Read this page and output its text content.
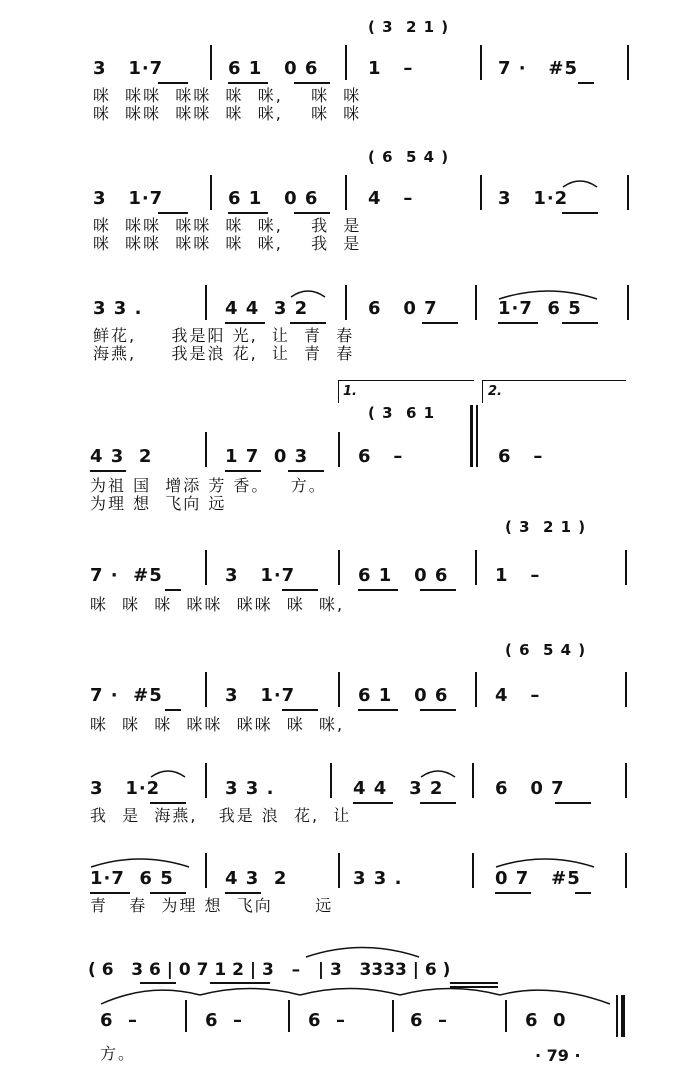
( 3  2 1 )
3   1·7	6 1   0 6	1   –	7 ·   #5
咪  咪咪  咪咪  咪  咪,    咪  咪
咪  咪咪  咪咪  咪  咪,    咪  咪
( 6  5 4 )
3   1·7	6 1   0 6	4   –	3   1·2
咪  咪咪  咪咪  咪  咪,    我  是
咪  咪咪  咪咪  咪  咪,    我  是
3 3 .	4 4  3 2	6   0 7	1·7  6 5
鲜花,     我是阳 光,  让  青  春
海燕,     我是浪 花,  让  青  春
1.	2.
( 3  6 1
4 3  2	1 7  0 3	6   –	6   –
为祖 国  增添 芳 香。   方。
为理 想  飞向 远
( 3  2 1 )
7 ·  #5	3   1·7	6 1   0 6	1   –
咪  咪  咪  咪咪  咪咪  咪  咪,
( 6  5 4 )
7 ·  #5	3   1·7	6 1   0 6	4   –
咪  咪  咪  咪咪  咪咪  咪  咪,
3   1·2	3 3 .	4 4   3 2	6   0 7
我  是  海燕,   我是 浪  花,  让
1·7  6 5	4 3  2	3 3 .	0 7   #5
青   春  为理 想  飞向      远
( 6   3 6 | 0 7 1 2 | 3   –   | 3   3333 | 6 )
6  –	6  –	6  –	6  –	6  0
方。	· 79 ·
